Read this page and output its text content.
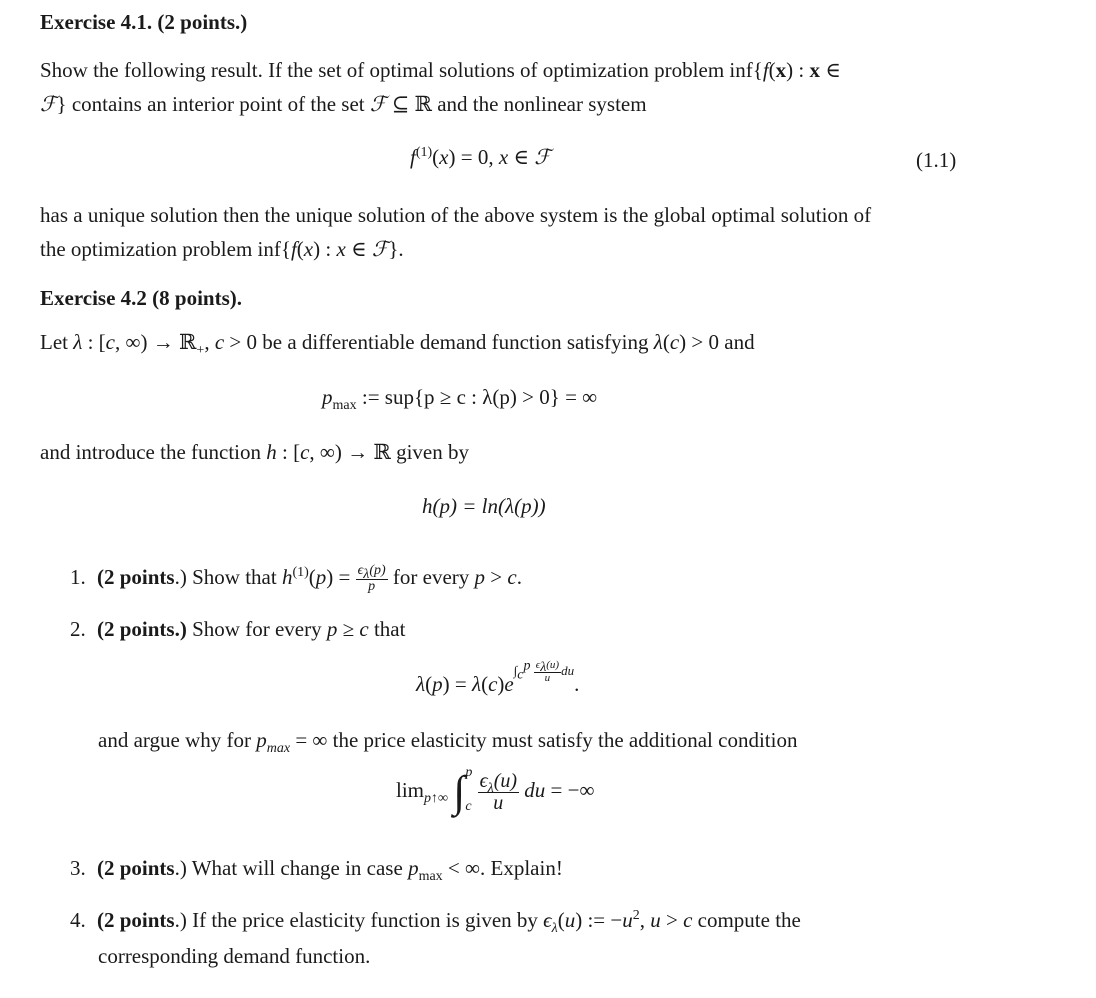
Exercise 4.1. (2 points.)
Show the following result. If the set of optimal solutions of optimization problem inf{f(x) : x ∈
ℱ} contains an interior point of the set ℱ ⊆ ℝ and the nonlinear system
$f^{(1)}(x) = 0$, x ∈ ℱ	(1.1)
has a unique solution then the unique solution of the above system is the global optimal solution of
the optimization problem inf{f(x) : x ∈ ℱ}.
Exercise 4.2 (8 points).
Let λ : [c, ∞) → ℝ$_+$, c > 0 be a differentiable demand function satisfying λ(c) > 0 and
$p_{max}$ := sup{p ≥ c : λ(p) > 0} = ∞
and introduce the function h : [c, ∞) → ℝ given by
h(p) = ln(λ(p))
1. (2 points.) Show that $h^{(1)}(p) = \frac{\epsilon_\lambda(p)}{p}$ for every p > c.
2. (2 points.) Show for every p ≥ c that
$\lambda(p) = \lambda(c)e^{\int_c^p \frac{\epsilon_\lambda(u)}{u} du}$.
and argue why for $p_{max}$ = ∞ the price elasticity must satisfy the additional condition
$\lim_{p↑\infty}$ ∫ p
c
$\frac{\epsilon_\lambda(u)}{u}$ du = −∞
3. (2 points.) What will change in case $p_{max}$ < ∞. Explain!
4. (2 points.) If the price elasticity function is given by $\epsilon_\lambda(u)$ := $-u^2$, u > c compute the
corresponding demand function.
